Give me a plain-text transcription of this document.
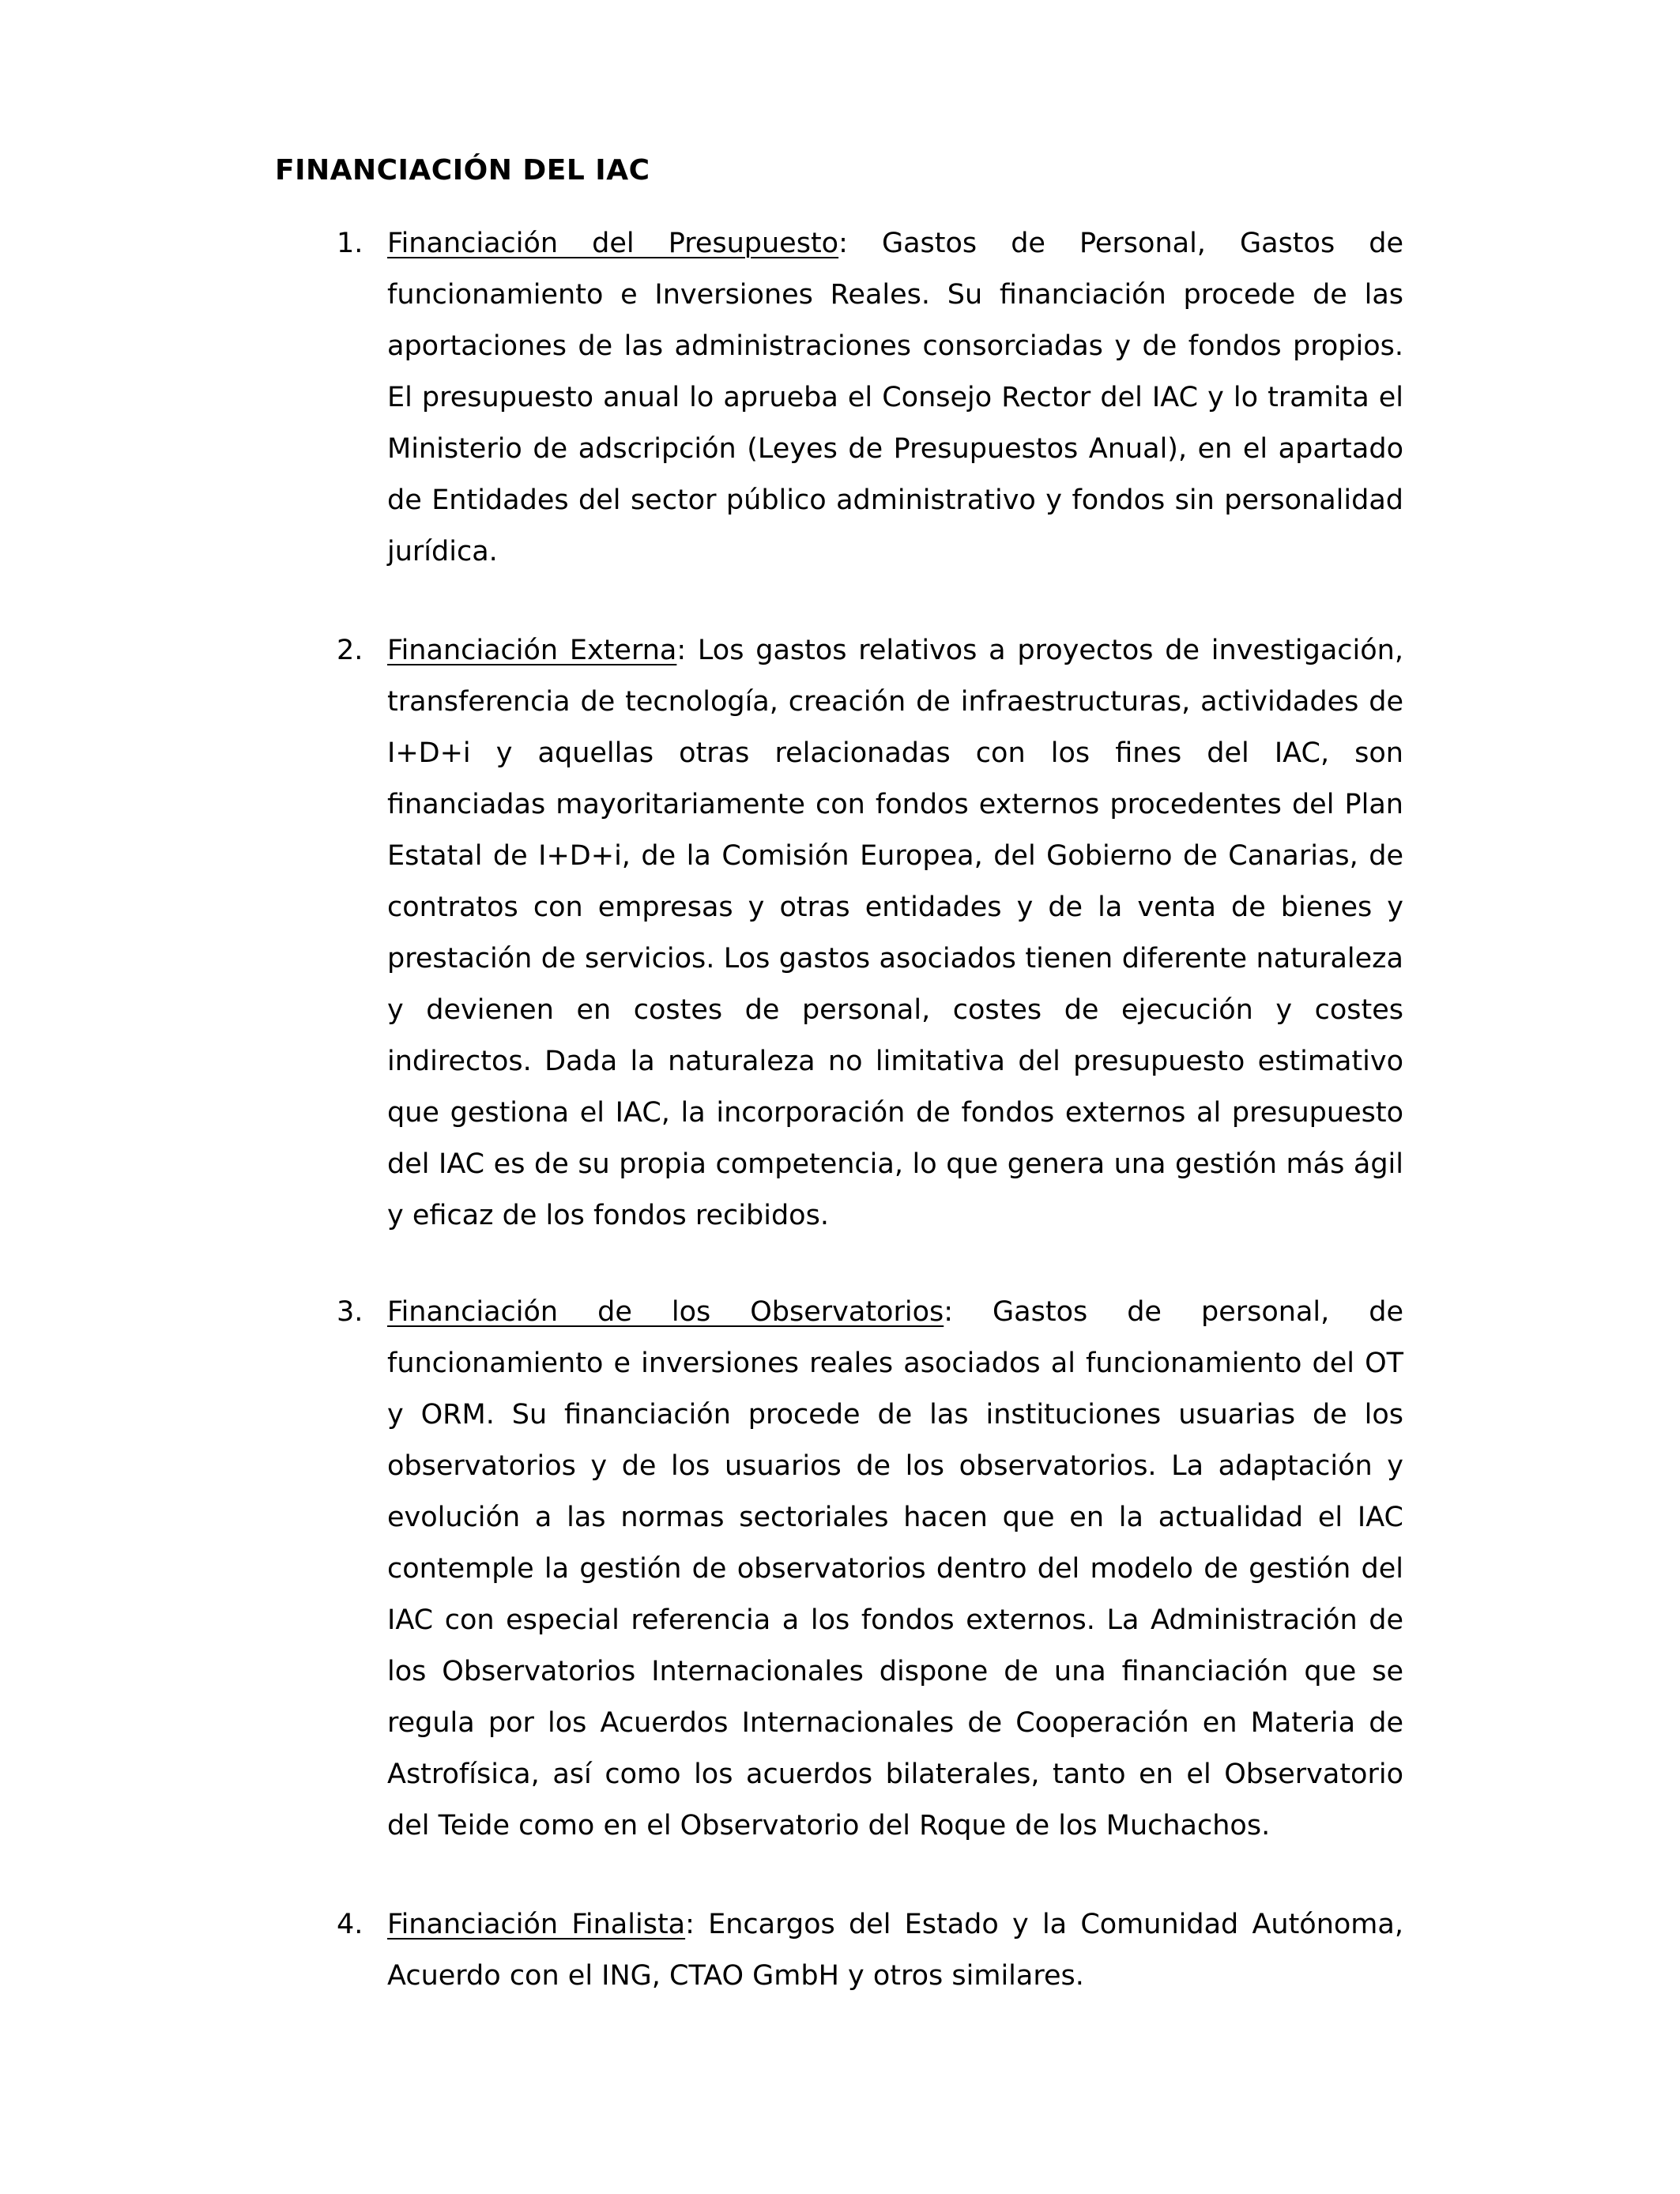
FINANCIACIÓN DEL IAC
1. Financiación del Presupuesto: Gastos de Personal, Gastos de funcionamiento e Inversiones Reales. Su financiación procede de las aportaciones de las administraciones consorciadas y de fondos propios. El presupuesto anual lo aprueba el Consejo Rector del IAC y lo tramita el Ministerio de adscripción (Leyes de Presupuestos Anual), en el apartado de Entidades del sector público administrativo y fondos sin personalidad jurídica.
2. Financiación Externa: Los gastos relativos a proyectos de investigación, transferencia de tecnología, creación de infraestructuras, actividades de I+D+i y aquellas otras relacionadas con los fines del IAC, son financiadas mayoritariamente con fondos externos procedentes del Plan Estatal de I+D+i, de la Comisión Europea, del Gobierno de Canarias, de contratos con empresas y otras entidades y de la venta de bienes y prestación de servicios. Los gastos asociados tienen diferente naturaleza y devienen en costes de personal, costes de ejecución y costes indirectos. Dada la naturaleza no limitativa del presupuesto estimativo que gestiona el IAC, la incorporación de fondos externos al presupuesto del IAC es de su propia competencia, lo que genera una gestión más ágil y eficaz de los fondos recibidos.
3. Financiación de los Observatorios: Gastos de personal, de funcionamiento e inversiones reales asociados al funcionamiento del OT y ORM. Su financiación procede de las instituciones usuarias de los observatorios y de los usuarios de los observatorios. La adaptación y evolución a las normas sectoriales hacen que en la actualidad el IAC contemple la gestión de observatorios dentro del modelo de gestión del IAC con especial referencia a los fondos externos. La Administración de los Observatorios Internacionales dispone de una financiación que se regula por los Acuerdos Internacionales de Cooperación en Materia de Astrofísica, así como los acuerdos bilaterales, tanto en el Observatorio del Teide como en el Observatorio del Roque de los Muchachos.
4. Financiación Finalista: Encargos del Estado y la Comunidad Autónoma, Acuerdo con el ING, CTAO GmbH y otros similares.
